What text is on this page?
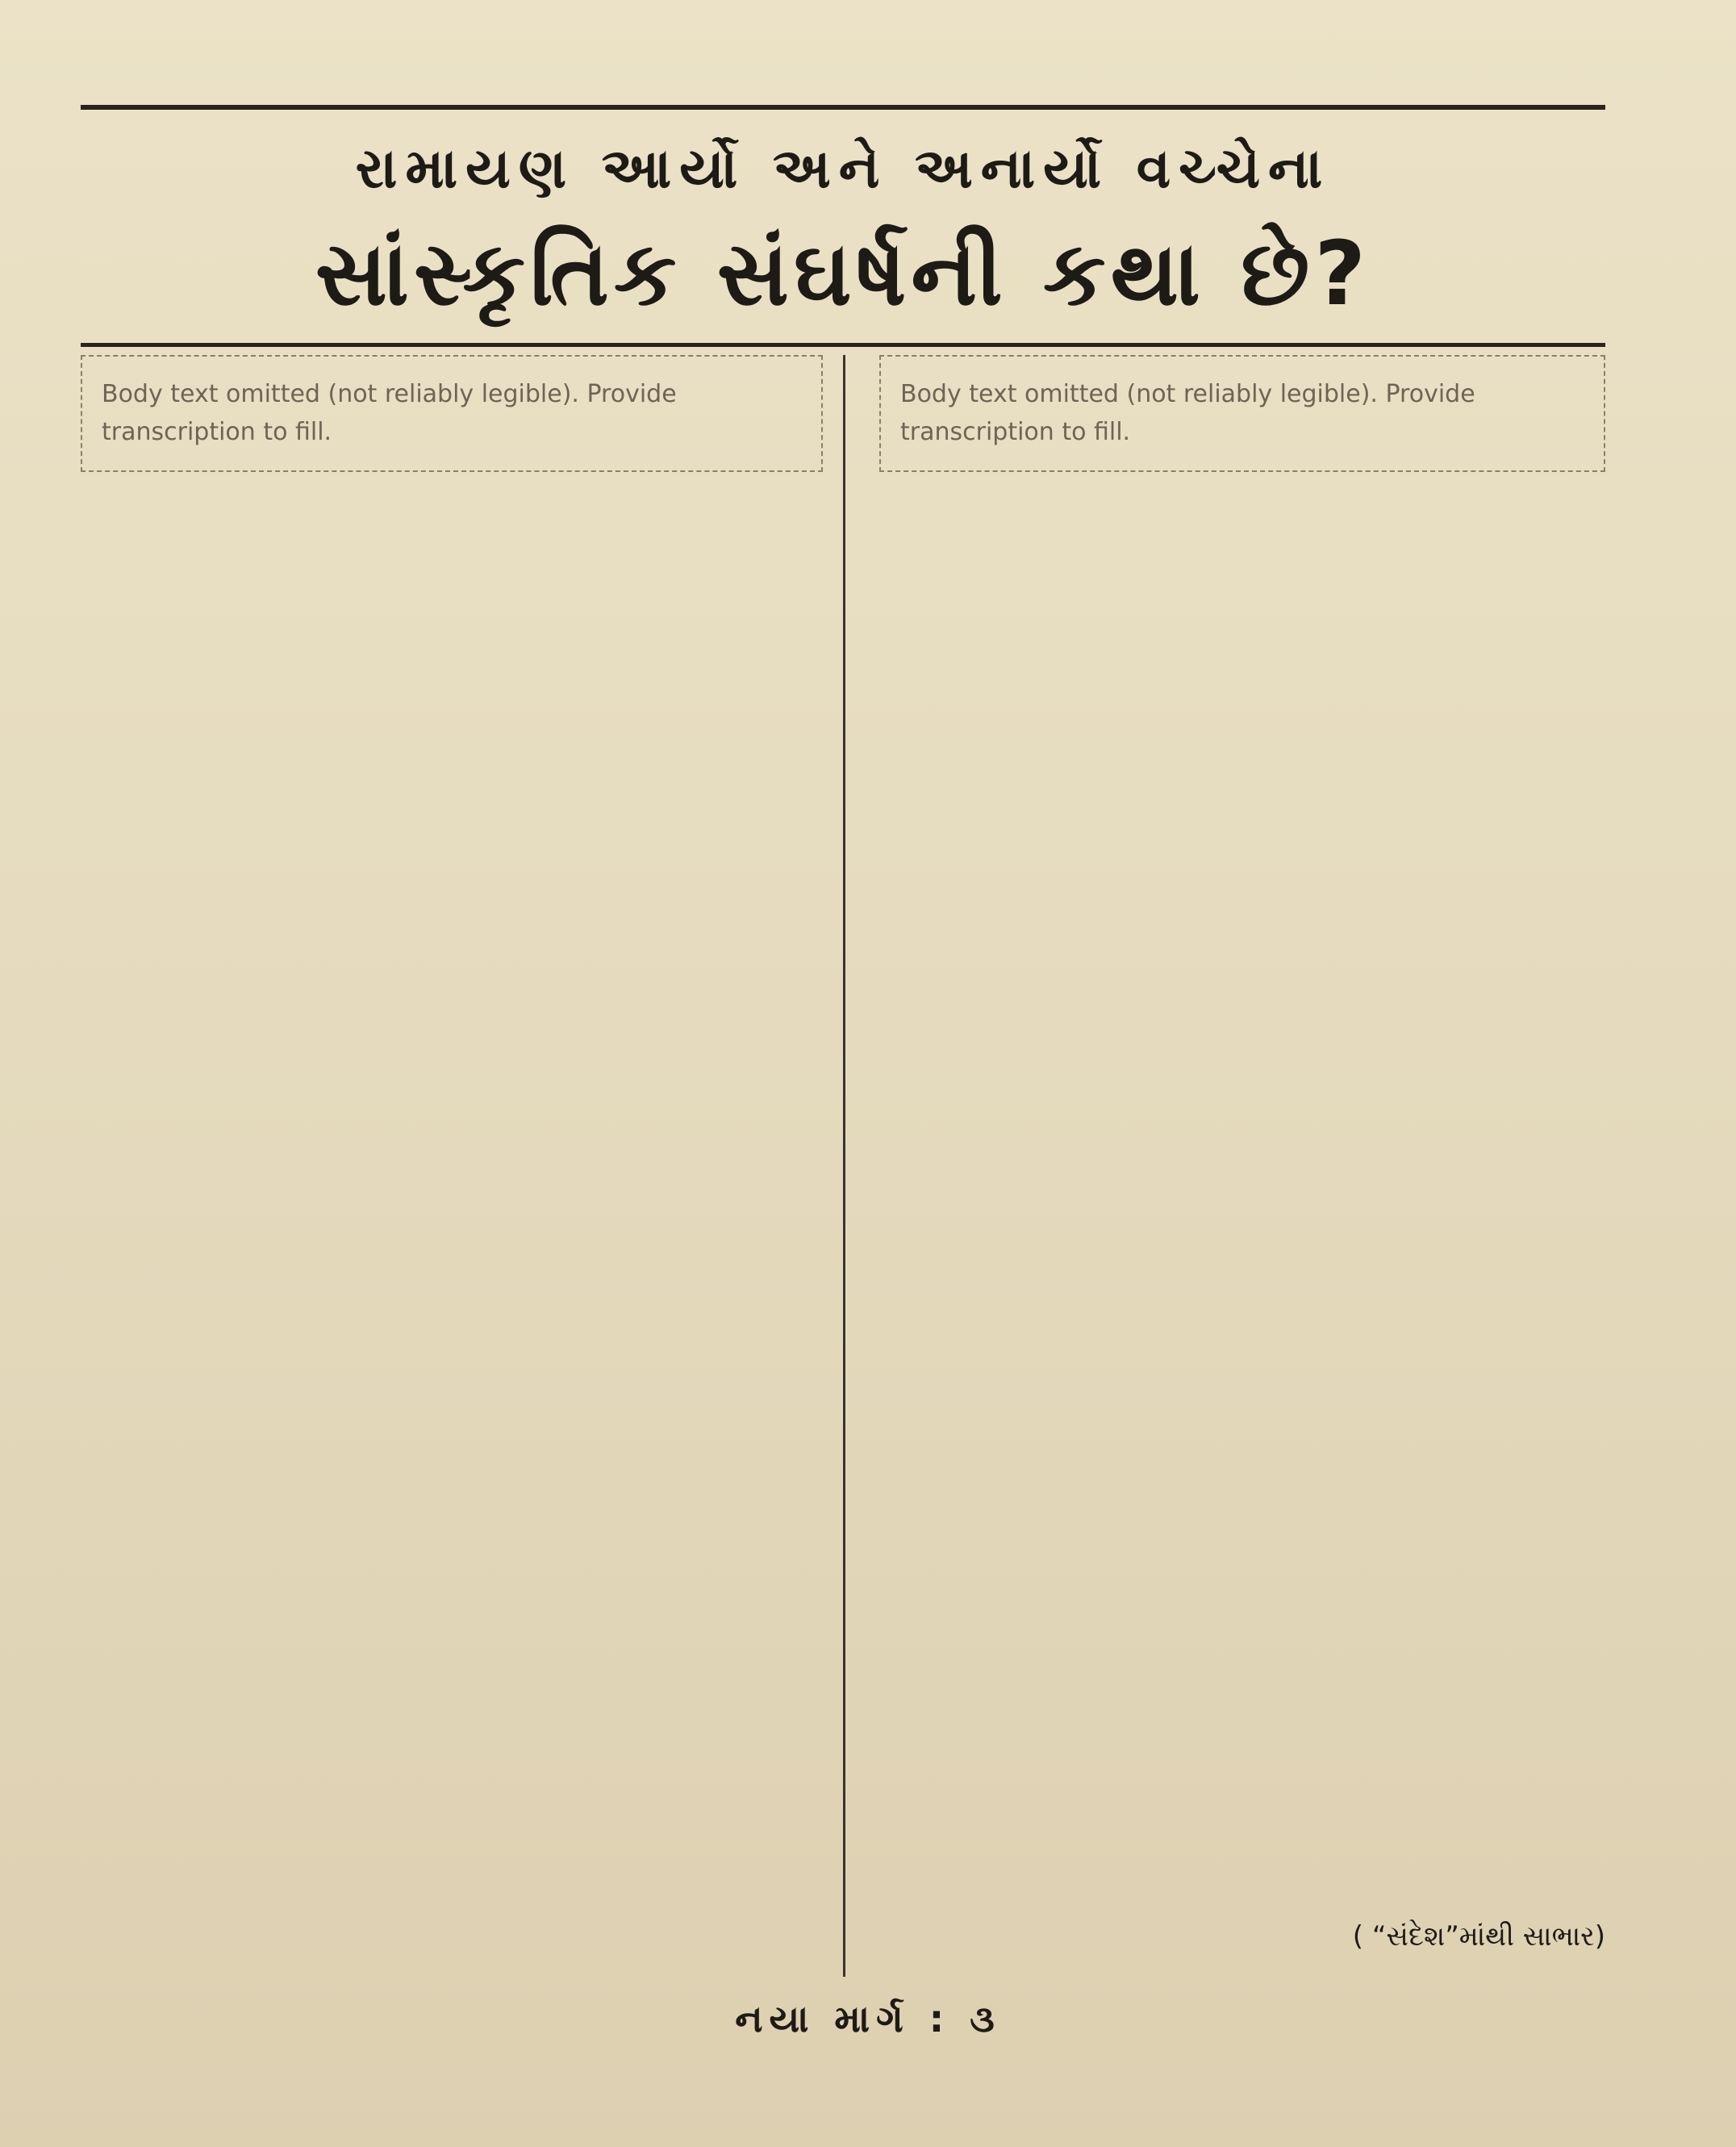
રામાયણ આર્યો અને અનાર્યો વચ્ચેના
સાંસ્કૃતિક સંઘર્ષની કથા છે?
Body text omitted (not reliably legible). Provide transcription to fill.
Body text omitted (not reliably legible). Provide transcription to fill.
( “સંદેશ”માંથી સાભાર)
નયા માર્ગ : ૩
